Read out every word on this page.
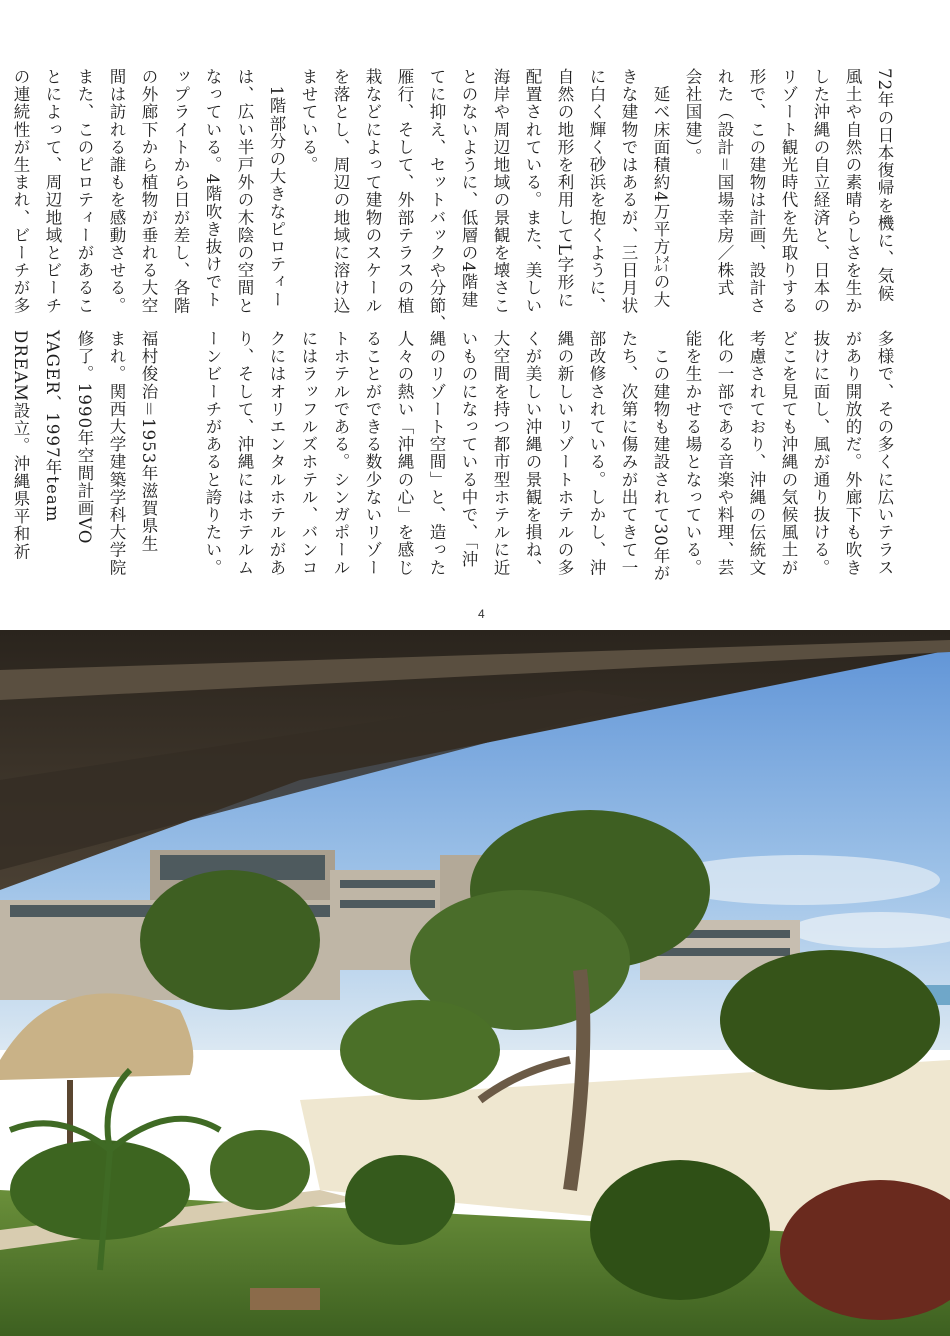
72年の日本復帰を機に、気候
風土や自然の素晴らしさを生か
した沖縄の自立経済と、日本の
リゾート観光時代を先取りする
形で、この建物は計画、設計さ
れた（設計＝国場幸房／株式
会社国建）。
　延べ床面積約4万平方㍍の大
きな建物ではあるが、三日月状
に白く輝く砂浜を抱くように、
自然の地形を利用してL字形に
配置されている。また、美しい
海岸や周辺地域の景観を壊さこ
とのないように、低層の4階建
てに抑え、セットバックや分節、
雁行、そして、外部テラスの植
栽などによって建物のスケール
を落とし、周辺の地域に溶け込
ませている。
　1階部分の大きなピロティー
は、広い半戸外の木陰の空間と
なっている。4階吹き抜けでト
ップライトから日が差し、各階
の外廊下から植物が垂れる大空
間は訪れる誰もを感動させる。
また、このピロティーがあるこ
とによって、周辺地域とビーチ
の連続性が生まれ、ビーチが多
多様で、その多くに広いテラス
があり開放的だ。外廊下も吹き
抜けに面し、風が通り抜ける。
どこを見ても沖縄の気候風土が
考慮されており、沖縄の伝統文
化の一部である音楽や料理、芸
能を生かせる場となっている。
　この建物も建設されて30年が
たち、次第に傷みが出てきて一
部改修されている。しかし、沖
縄の新しいリゾートホテルの多
くが美しい沖縄の景観を損ね、
大空間を持つ都市型ホテルに近
いものになっている中で、「沖
縄のリゾート空間」と、造った
人々の熱い「沖縄の心」を感じ
ることができる数少ないリゾー
トホテルである。シンガポール
にはラッフルズホテル、バンコ
クにはオリエンタルホテルがあ
り、そして、沖縄にはホテルム
ーンビーチがあると誇りたい。
福村俊治＝1953年滋賀県生
まれ。関西大学建築学科大学院
修了。1990年空間計画VO
YAGER、1997年team
DREAM設立。沖縄県平和祈
4
